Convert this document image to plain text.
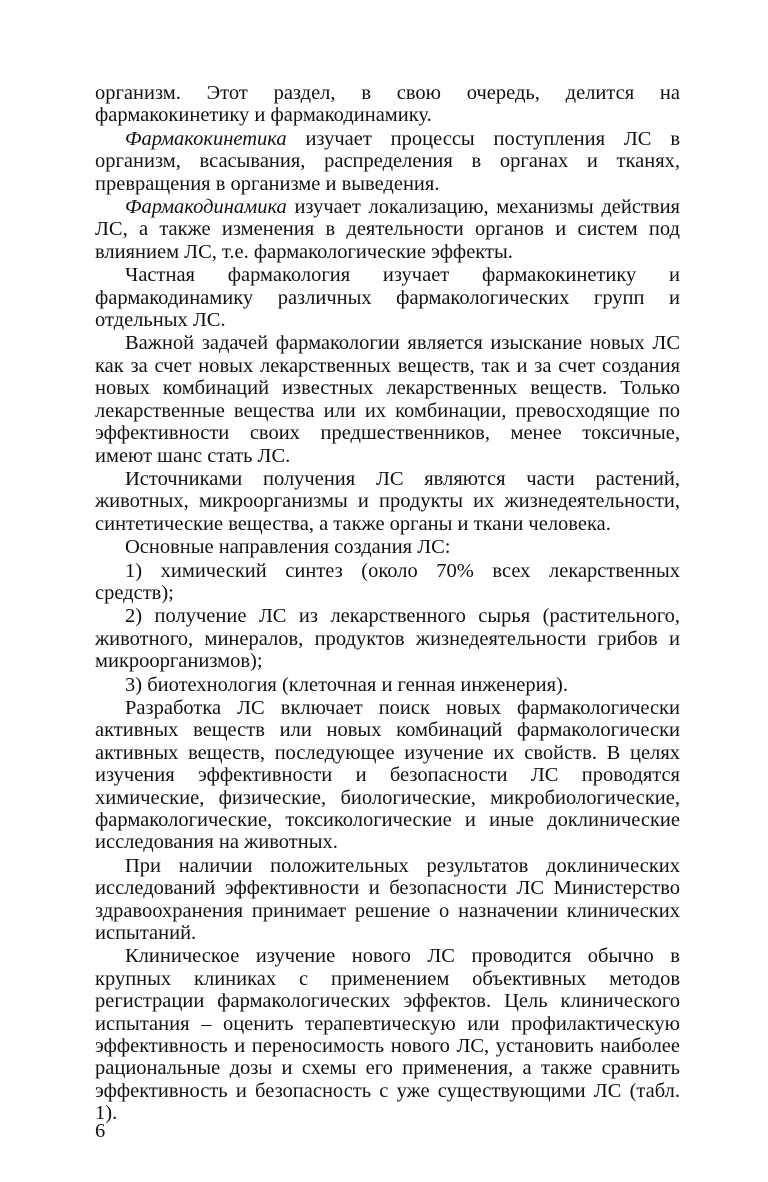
организм. Этот раздел, в свою очередь, делится на фармакокинетику и фармакодинамику.

Фармакокинетика изучает процессы поступления ЛС в организм, всасывания, распределения в органах и тканях, превращения в организме и выведения.

Фармакодинамика изучает локализацию, механизмы действия ЛС, а также изменения в деятельности органов и систем под влиянием ЛС, т.е. фармакологические эффекты.

Частная фармакология изучает фармакокинетику и фармакодинамику различных фармакологических групп и отдельных ЛС.

Важной задачей фармакологии является изыскание новых ЛС как за счет новых лекарственных веществ, так и за счет создания новых комбинаций известных лекарственных веществ. Только лекарственные вещества или их комбинации, превосходящие по эффективности своих предшественников, менее токсичные, имеют шанс стать ЛС.

Источниками получения ЛС являются части растений, животных, микроорганизмы и продукты их жизнедеятельности, синтетические вещества, а также органы и ткани человека.

Основные направления создания ЛС:

1) химический синтез (около 70% всех лекарственных средств);

2) получение ЛС из лекарственного сырья (растительного, животного, минералов, продуктов жизнедеятельности грибов и микроорганизмов);

3) биотехнология (клеточная и генная инженерия).

Разработка ЛС включает поиск новых фармакологически активных веществ или новых комбинаций фармакологически активных веществ, последующее изучение их свойств. В целях изучения эффективности и безопасности ЛС проводятся химические, физические, биологические, микробиологические, фармакологические, токсикологические и иные доклинические исследования на животных.

При наличии положительных результатов доклинических исследований эффективности и безопасности ЛС Министерство здравоохранения принимает решение о назначении клинических испытаний.

Клиническое изучение нового ЛС проводится обычно в крупных клиниках с применением объективных методов регистрации фармакологических эффектов. Цель клинического испытания – оценить терапевтическую или профилактическую эффективность и переносимость нового ЛС, установить наиболее рациональные дозы и схемы его применения, а также сравнить эффективность и безопасность с уже существующими ЛС (табл. 1).

6
